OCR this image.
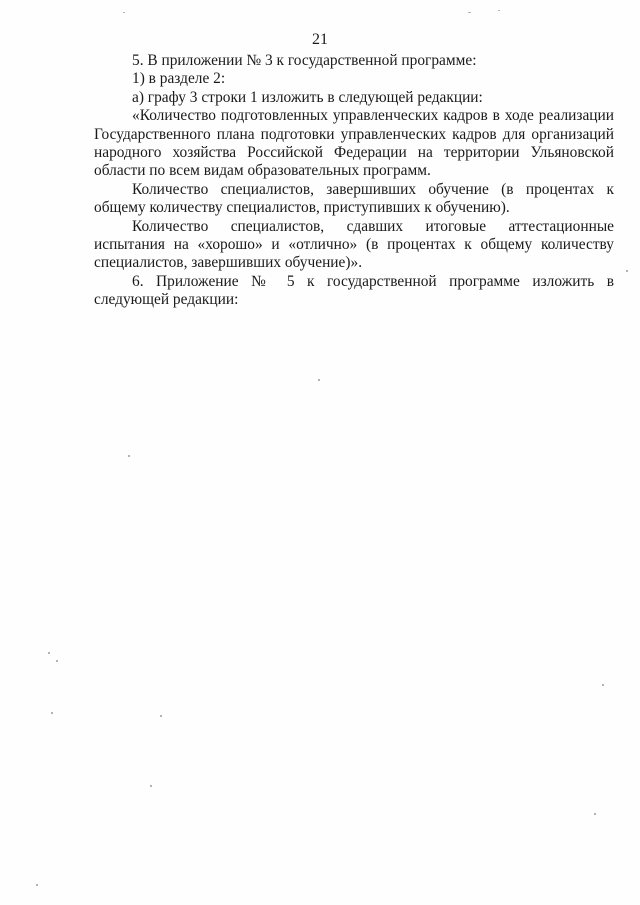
21

5. В приложении № 3 к государственной программе:

1) в разделе 2:

а) графу 3 строки 1 изложить в следующей редакции:

«Количество подготовленных управленческих кадров в ходе реализации Государственного плана подготовки управленческих кадров для организаций народного хозяйства Российской Федерации на территории Ульяновской области по всем видам образовательных программ.

Количество специалистов, завершивших обучение (в процентах к общему количеству специалистов, приступивших к обучению).

Количество специалистов, сдавших итоговые аттестационные испытания на «хорошо» и «отлично» (в процентах к общему количеству специалистов, завершивших обучение)».

6. Приложение № 5 к государственной программе изложить в следующей редакции:
